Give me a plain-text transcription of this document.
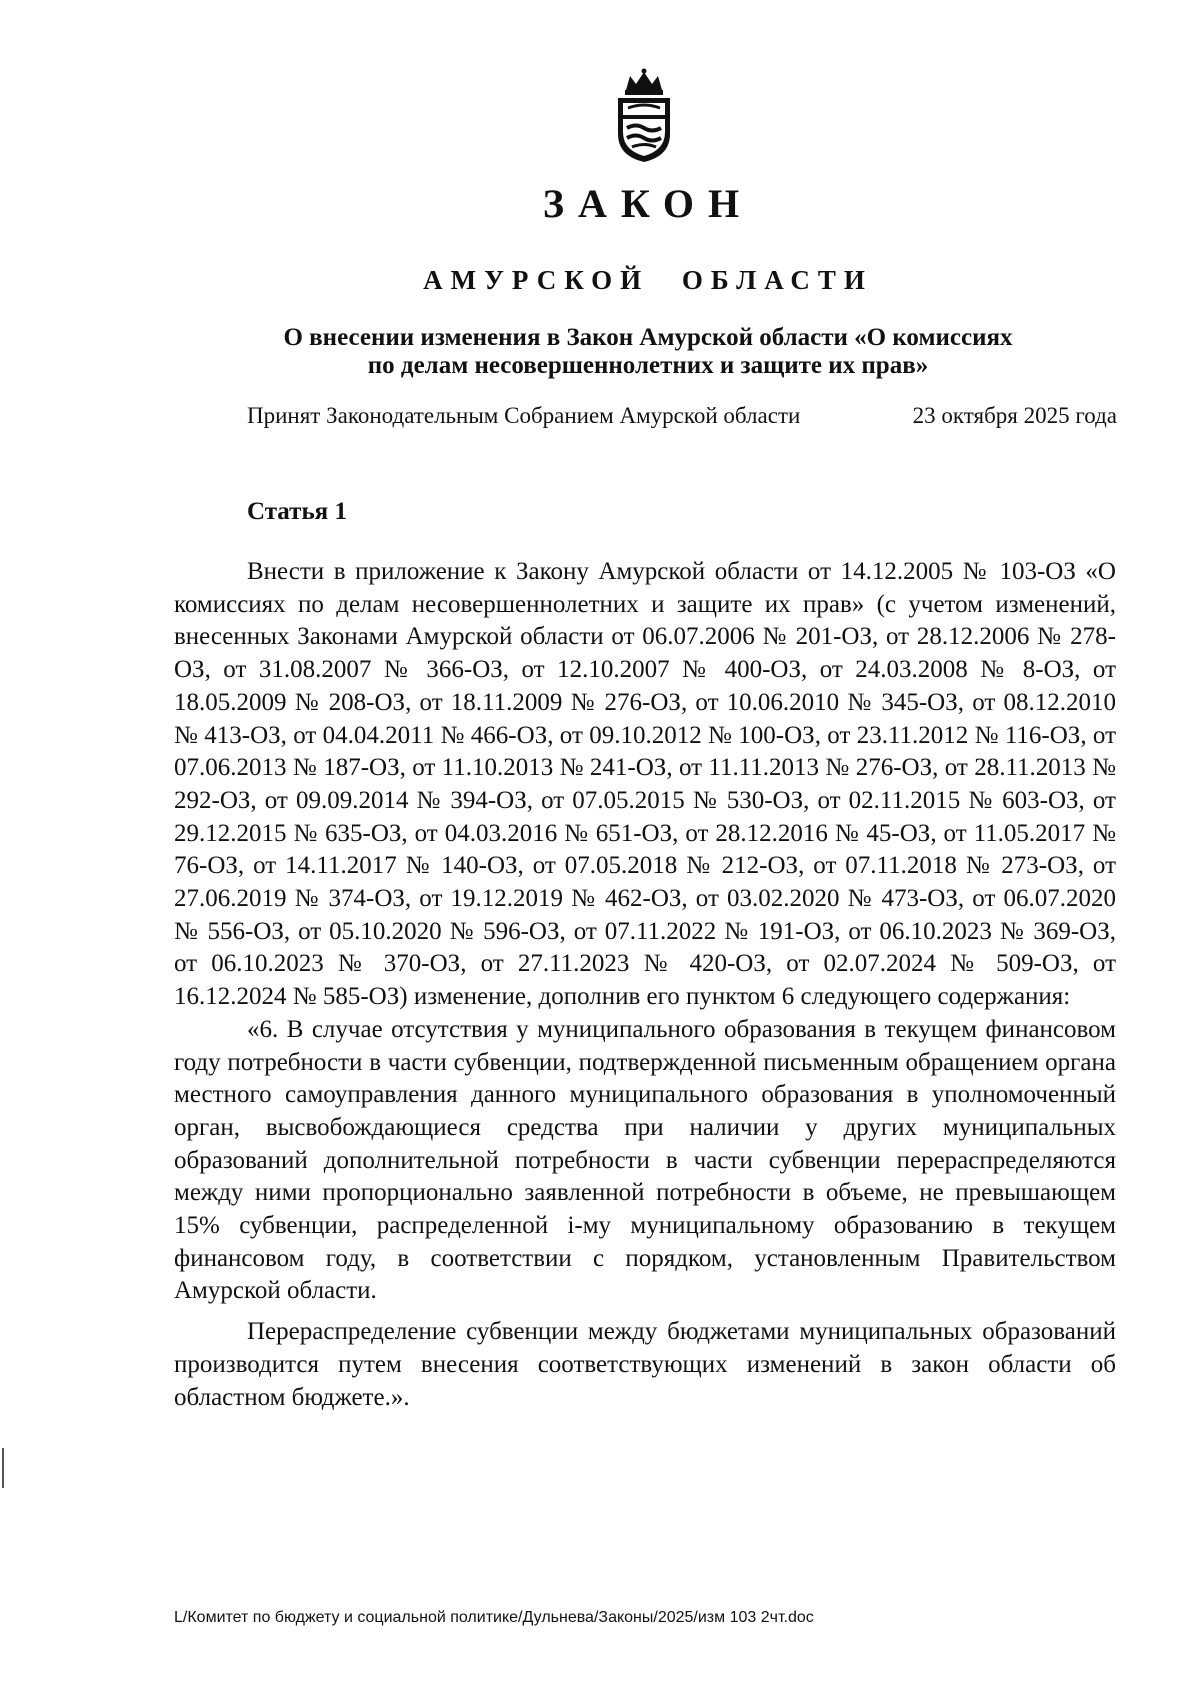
ЗАКОН
АМУРСКОЙ ОБЛАСТИ
О внесении изменения в Закон Амурской области «О комиссиях
по делам несовершеннолетних и защите их прав»
Принят Законодательным Собранием Амурской области	23 октября 2025 года
Статья 1

Внести в приложение к Закону Амурской области от 14.12.2005 № 103-ОЗ «О комиссиях по делам несовершеннолетних и защите их прав» (с учетом изменений, внесенных Законами Амурской области от 06.07.2006 № 201-ОЗ, от 28.12.2006 № 278-ОЗ, от 31.08.2007 № 366-ОЗ, от 12.10.2007 № 400-ОЗ, от 24.03.2008 № 8-ОЗ, от 18.05.2009 № 208-ОЗ, от 18.11.2009 № 276-ОЗ, от 10.06.2010 № 345-ОЗ, от 08.12.2010 № 413-ОЗ, от 04.04.2011 № 466-ОЗ, от 09.10.2012 № 100-ОЗ, от 23.11.2012 № 116-ОЗ, от 07.06.2013 № 187-ОЗ, от 11.10.2013 № 241-ОЗ, от 11.11.2013 № 276-ОЗ, от 28.11.2013 № 292-ОЗ, от 09.09.2014 № 394-ОЗ, от 07.05.2015 № 530-ОЗ, от 02.11.2015 № 603-ОЗ, от 29.12.2015 № 635-ОЗ, от 04.03.2016 № 651-ОЗ, от 28.12.2016 № 45-ОЗ, от 11.05.2017 № 76-ОЗ, от 14.11.2017 № 140-ОЗ, от 07.05.2018 № 212-ОЗ, от 07.11.2018 № 273-ОЗ, от 27.06.2019 № 374-ОЗ, от 19.12.2019 № 462-ОЗ, от 03.02.2020 № 473-ОЗ, от 06.07.2020 № 556-ОЗ, от 05.10.2020 № 596-ОЗ, от 07.11.2022 № 191-ОЗ, от 06.10.2023 № 369-ОЗ, от 06.10.2023 № 370-ОЗ, от 27.11.2023 № 420-ОЗ, от 02.07.2024 № 509-ОЗ, от 16.12.2024 № 585-ОЗ) изменение, дополнив его пунктом 6 следующего содержания:

«6. В случае отсутствия у муниципального образования в текущем финансовом году потребности в части субвенции, подтвержденной письменным обращением органа местного самоуправления данного муниципального образования в уполномоченный орган, высвобождающиеся средства при наличии у других муниципальных образований дополнительной потребности в части субвенции перераспределяются между ними пропорционально заявленной потребности в объеме, не превышающем 15% субвенции, распределенной i-му муниципальному образованию в текущем финансовом году, в соответствии с порядком, установленным Правительством Амурской области.

Перераспределение субвенции между бюджетами муниципальных образований производится путем внесения соответствующих изменений в закон области об областном бюджете.».

L/Комитет по бюджету и социальной политике/Дульнева/Законы/2025/изм 103 2чт.doc
